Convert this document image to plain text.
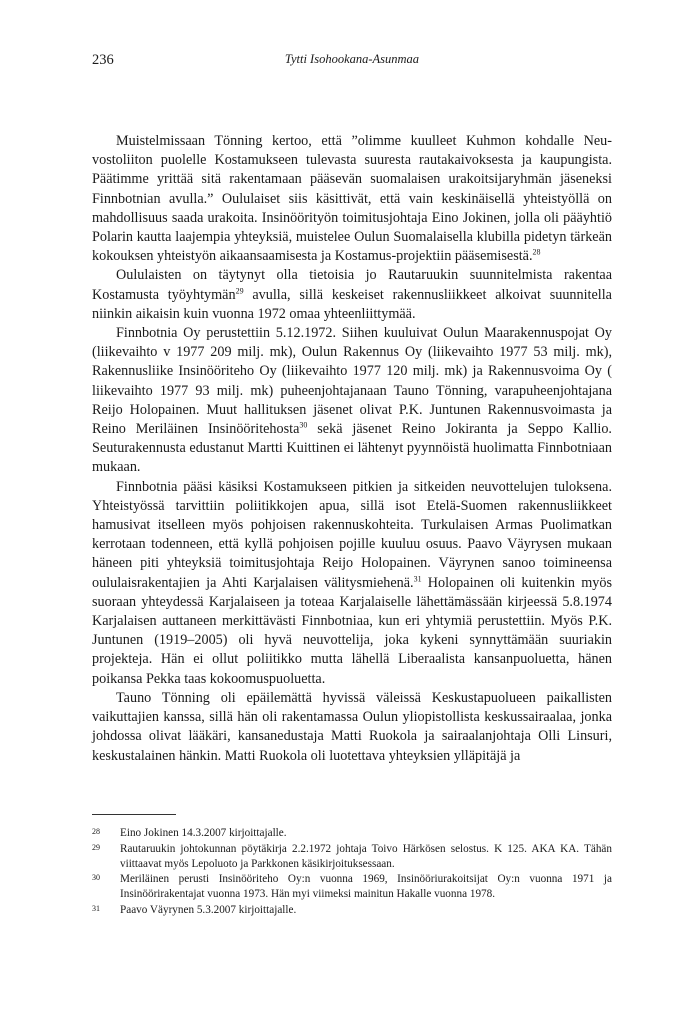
236	Tytti Isohookana-Asunmaa

Muistelmissaan Tönning kertoo, että ”olimme kuulleet Kuhmon kohdalle Neuvostoliiton puolelle Kostamukseen tulevasta suuresta rautakaivoksesta ja kaupungista. Päätimme yrittää sitä rakentamaan pääsevän suomalaisen urakoitsijaryhmän jäseneksi Finnbotnian avulla.” Oululaiset siis käsittivät, että vain keskinäisellä yhteistyöllä on mahdollisuus saada urakoita. Insinöörityön toimitusjohtaja Eino Jokinen, jolla oli pääyhtiö Polarin kautta laajempia yhteyksiä, muistelee Oulun Suomalaisella klubilla pidetyn tärkeän kokouksen yhteistyön aikaansaamisesta ja Kostamus-projektiin pääsemisestä.$^{28}$

Oululaisten on täytynyt olla tietoisia jo Rautaruukin suunnitelmista rakentaa Kostamusta työyhtymän$^{29}$ avulla, sillä keskeiset rakennusliikkeet alkoivat suunnitella niinkin aikaisin kuin vuonna 1972 omaa yhteenliittymää.

Finnbotnia Oy perustettiin 5.12.1972. Siihen kuuluivat Oulun Maarakennuspojat Oy (liikevaihto v 1977 209 milj. mk), Oulun Rakennus Oy (liikevaihto 1977 53 milj. mk), Rakennusliike Insinööriteho Oy (liikevaihto 1977 120 milj. mk) ja Rakennusvoima Oy ( liikevaihto 1977 93 milj. mk) puheenjohtajanaan Tauno Tönning, varapuheenjohtajana Reijo Holopainen. Muut hallituksen jäsenet olivat P.K. Juntunen Rakennusvoimasta ja Reino Meriläinen Insinööritehosta$^{30}$ sekä jäsenet Reino Jokiranta ja Seppo Kallio. Seuturakennusta edustanut Martti Kuittinen ei lähtenyt pyynnöistä huolimatta Finnbotniaan mukaan.

Finnbotnia pääsi käsiksi Kostamukseen pitkien ja sitkeiden neuvottelujen tuloksena. Yhteistyössä tarvittiin poliitikkojen apua, sillä isot Etelä-Suomen rakennusliikkeet hamusivat itselleen myös pohjoisen rakennuskohteita. Turkulaisen Armas Puolimatkan kerrotaan todenneen, että kyllä pohjoisen pojille kuuluu osuus. Paavo Väyrysen mukaan häneen piti yhteyksiä toimitusjohtaja Reijo Holopainen. Väyrynen sanoo toimineensa oululaisrakentajien ja Ahti Karjalaisen välitysmiehenä.$^{31}$ Holopainen oli kuitenkin myös suoraan yhteydessä Karjalaiseen ja toteaa Karjalaiselle lähettämässään kirjeessä 5.8.1974 Karjalaisen auttaneen merkittävästi Finnbotniaa, kun eri yhtymiä perustettiin. Myös P.K. Juntunen (1919–2005) oli hyvä neuvottelija, joka kykeni synnyttämään suuriakin projekteja. Hän ei ollut poliitikko mutta lähellä Liberaalista kansanpuoluetta, hänen poikansa Pekka taas kokoomuspuoluetta.

Tauno Tönning oli epäilemättä hyvissä väleissä Keskustapuolueen paikallisten vaikuttajien kanssa, sillä hän oli rakentamassa Oulun yliopistollista keskussairaalaa, jonka johdossa olivat lääkäri, kansanedustaja Matti Ruokola ja sairaalanjohtaja Olli Linsuri, keskustalainen hänkin. Matti Ruokola oli luotettava yhteyksien ylläpitäjä ja

28	Eino Jokinen 14.3.2007 kirjoittajalle.
29	Rautaruukin johtokunnan pöytäkirja 2.2.1972 johtaja Toivo Härkösen selostus. K 125. AKA KA. Tähän viittaavat myös Lepoluoto ja Parkkonen käsikirjoituksessaan.
30	Meriläinen perusti Insinööriteho Oy:n vuonna 1969, Insinööriurakoitsijat Oy:n vuonna 1971 ja Insinöörirakentajat vuonna 1973. Hän myi viimeksi mainitun Hakalle vuonna 1978.
31	Paavo Väyrynen 5.3.2007 kirjoittajalle.
